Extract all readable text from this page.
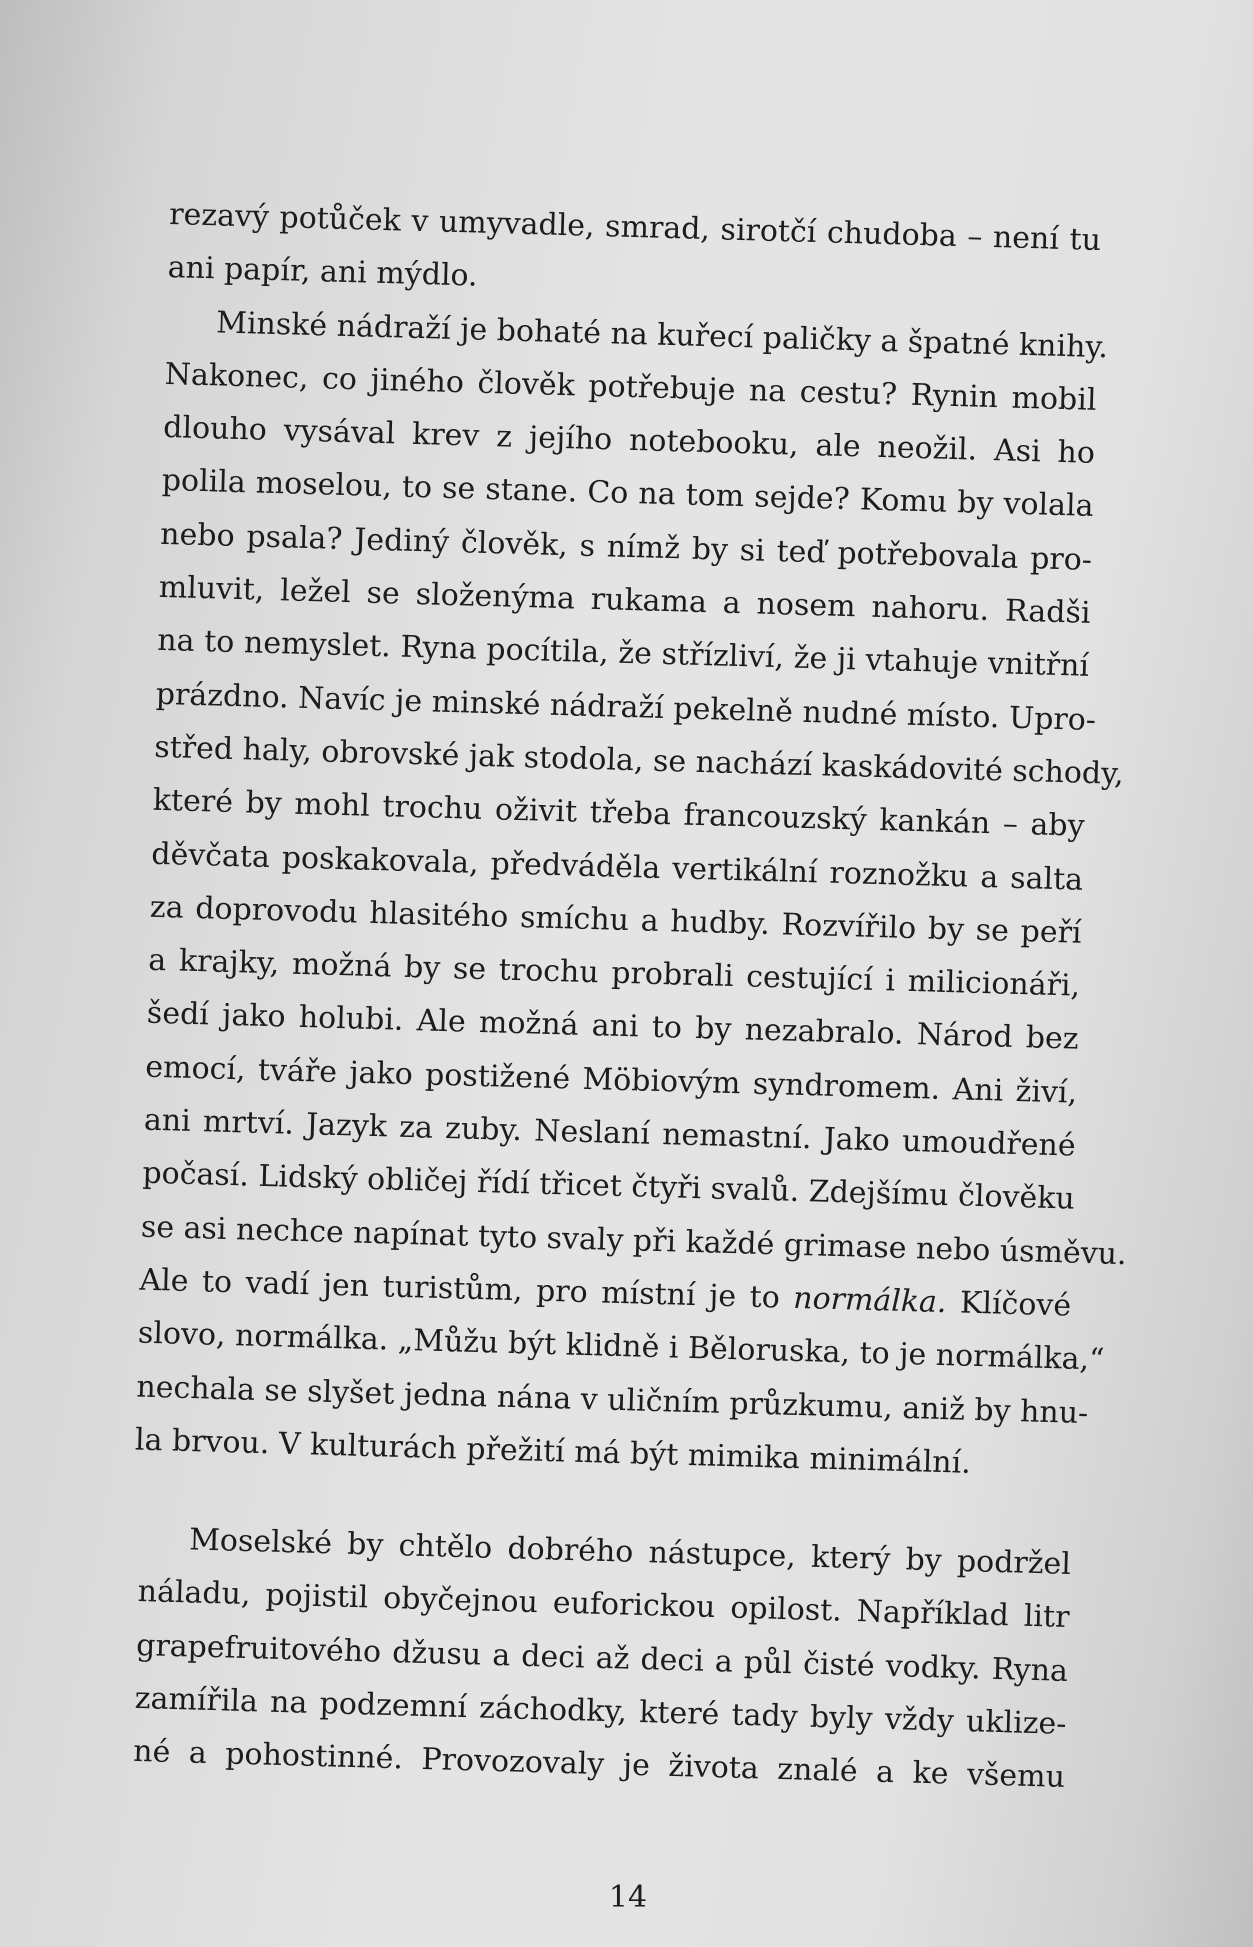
rezavý potůček v umyvadle, smrad, sirotčí chudoba – není tu
ani papír, ani mýdlo.
Minské nádraží je bohaté na kuřecí paličky a špatné knihy.
Nakonec, co jiného člověk potřebuje na cestu? Rynin mobil
dlouho vysával krev z jejího notebooku, ale neožil. Asi ho
polila moselou, to se stane. Co na tom sejde? Komu by volala
nebo psala? Jediný člověk, s nímž by si teď potřebovala pro-
mluvit, ležel se složenýma rukama a nosem nahoru. Radši
na to nemyslet. Ryna pocítila, že střízliví, že ji vtahuje vnitřní
prázdno. Navíc je minské nádraží pekelně nudné místo. Upro-
střed haly, obrovské jak stodola, se nachází kaskádovité schody,
které by mohl trochu oživit třeba francouzský kankán – aby
děvčata poskakovala, předváděla vertikální roznožku a salta
za doprovodu hlasitého smíchu a hudby. Rozvířilo by se peří
a krajky, možná by se trochu probrali cestující i milicionáři,
šedí jako holubi. Ale možná ani to by nezabralo. Národ bez
emocí, tváře jako postižené Möbiovým syndromem. Ani živí,
ani mrtví. Jazyk za zuby. Neslaní nemastní. Jako umoudřené
počasí. Lidský obličej řídí třicet čtyři svalů. Zdejšímu člověku
se asi nechce napínat tyto svaly při každé grimase nebo úsměvu.
Ale to vadí jen turistům, pro místní je to normálka. Klíčové
slovo, normálka. „Můžu být klidně i Běloruska, to je normálka,“
nechala se slyšet jedna nána v uličním průzkumu, aniž by hnu-
la brvou. V kulturách přežití má být mimika minimální.
Moselské by chtělo dobrého nástupce, který by podržel
náladu, pojistil obyčejnou euforickou opilost. Například litr
grapefruitového džusu a deci až deci a půl čisté vodky. Ryna
zamířila na podzemní záchodky, které tady byly vždy uklize-
né a pohostinné. Provozovaly je života znalé a ke všemu
14
